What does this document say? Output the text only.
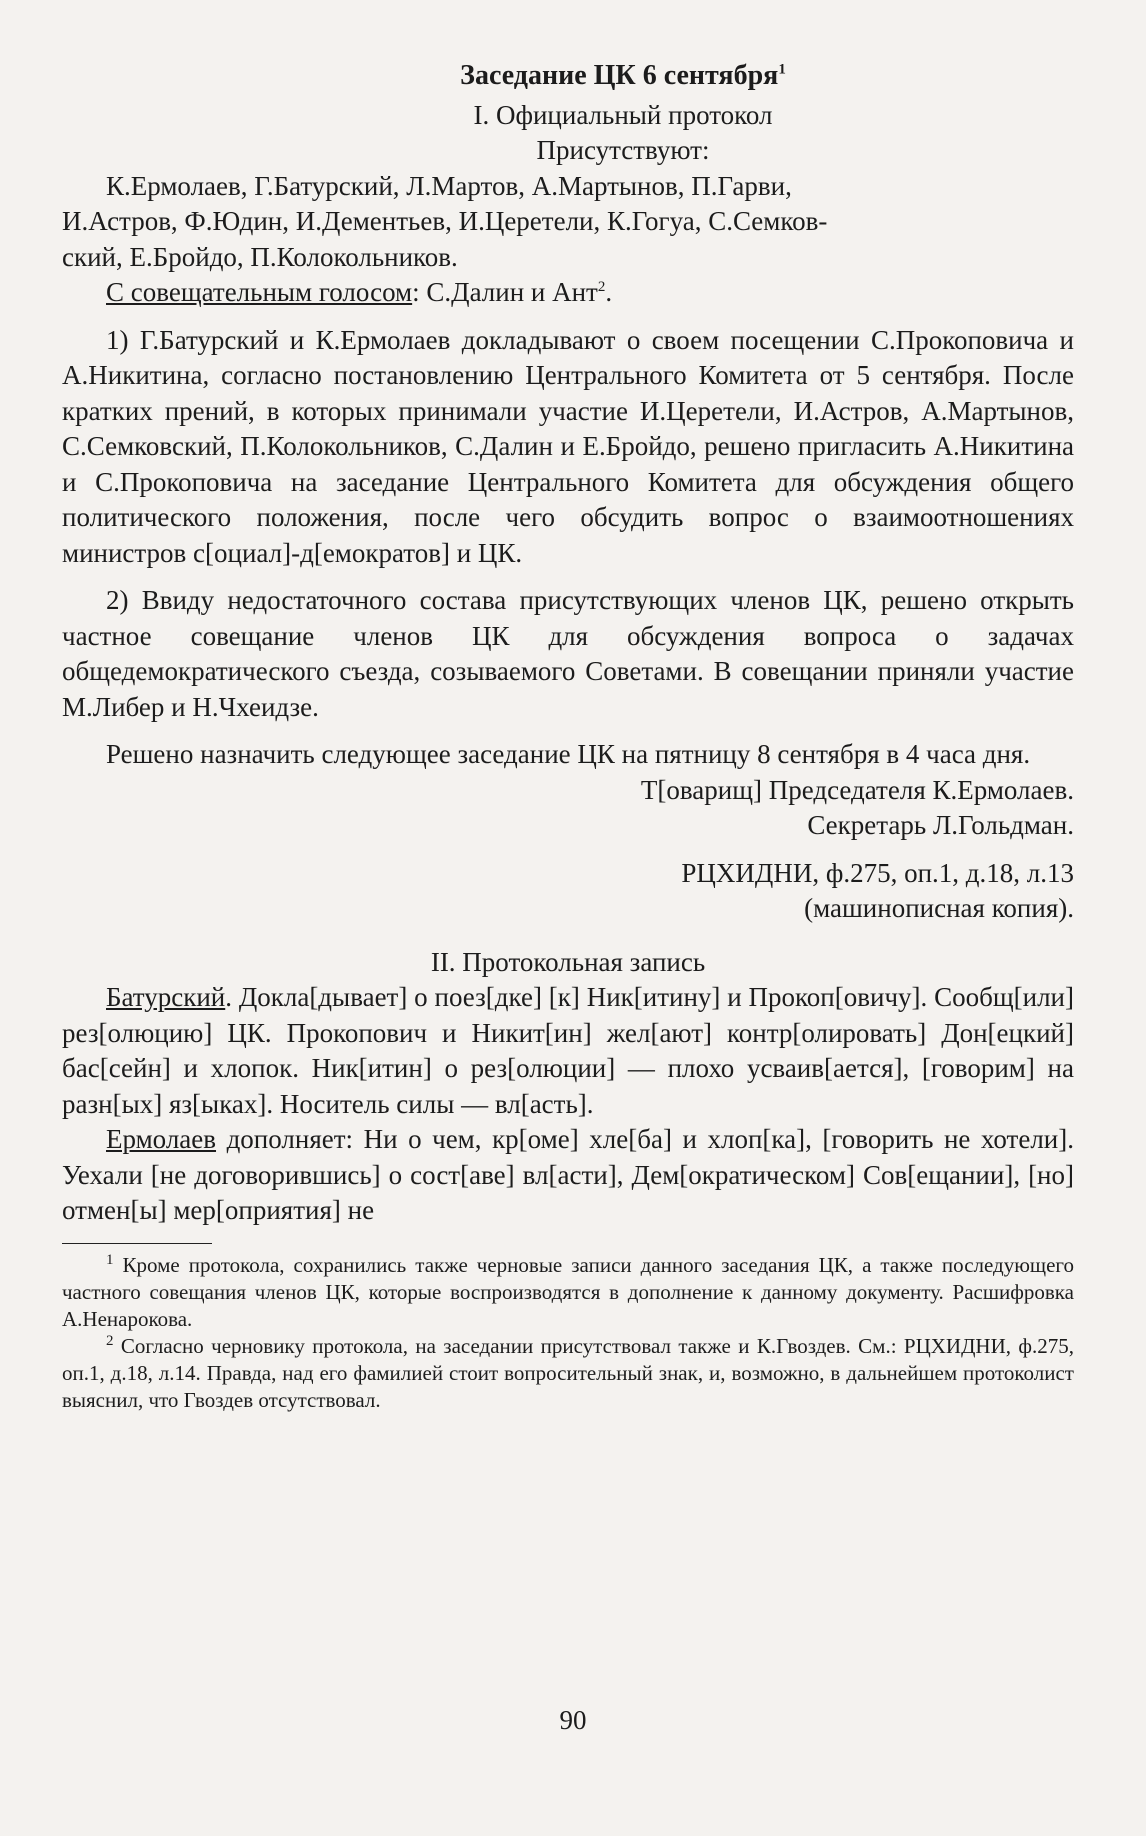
Заседание ЦК 6 сентября$^1$
I. Официальный протокол
Присутствуют:
К.Ермолаев, Г.Батурский, Л.Мартов, А.Мартынов, П.Гарви,
И.Астров, Ф.Юдин, И.Дементьев, И.Церетели, К.Гогуа, С.Семков-
ский, Е.Бройдо, П.Колокольников.
С совещательным голосом: С.Далин и Ант$^2$.
1) Г.Батурский и К.Ермолаев докладывают о своем посещении С.Прокоповича и А.Никитина, согласно постановлению Центрального Комитета от 5 сентября. После кратких прений, в которых принимали участие И.Церетели, И.Астров, А.Мартынов, С.Семковский, П.Колокольников, С.Далин и Е.Бройдо, решено пригласить А.Никитина и С.Прокоповича на заседание Центрального Комитета для обсуждения общего политического положения, после чего обсудить вопрос о взаимоотношениях министров с[оциал]-д[емократов] и ЦК.
2) Ввиду недостаточного состава присутствующих членов ЦК, решено открыть частное совещание членов ЦК для обсуждения вопроса о задачах общедемократического съезда, созываемого Советами. В совещании приняли участие М.Либер и Н.Чхеидзе.
Решено назначить следующее заседание ЦК на пятницу 8 сентября в 4 часа дня.
Т[оварищ] Председателя К.Ермолаев.
Секретарь Л.Гольдман.
РЦХИДНИ, ф.275, оп.1, д.18, л.13
(машинописная копия).
II. Протокольная запись
Батурский. Докла[дывает] о поез[дке] [к] Ник[итину] и Прокоп[овичу]. Сообщ[или] рез[олюцию] ЦК. Прокопович и Никит[ин] жел[ают] контр[олировать] Дон[ецкий] бас[сейн] и хлопок. Ник[итин] о рез[олюции] — плохо усваив[ается], [говорим] на разн[ых] яз[ыках]. Носитель силы — вл[асть].
Ермолаев дополняет: Ни о чем, кр[оме] хле[ба] и хлоп[ка], [говорить не хотели]. Уехали [не договорившись] о сост[аве] вл[асти], Дем[ократическом] Сов[ещании], [но] отмен[ы] мер[оприятия] не

$^1$ Кроме протокола, сохранились также черновые записи данного заседания ЦК, а также последующего частного совещания членов ЦК, которые воспроизводятся в дополнение к данному документу. Расшифровка А.Ненарокова.

$^2$ Согласно черновику протокола, на заседании присутствовал также и К.Гвоздев. См.: РЦХИДНИ, ф.275, оп.1, д.18, л.14. Правда, над его фамилией стоит вопросительный знак, и, возможно, в дальнейшем протоколист выяснил, что Гвоздев отсутствовал.

90
